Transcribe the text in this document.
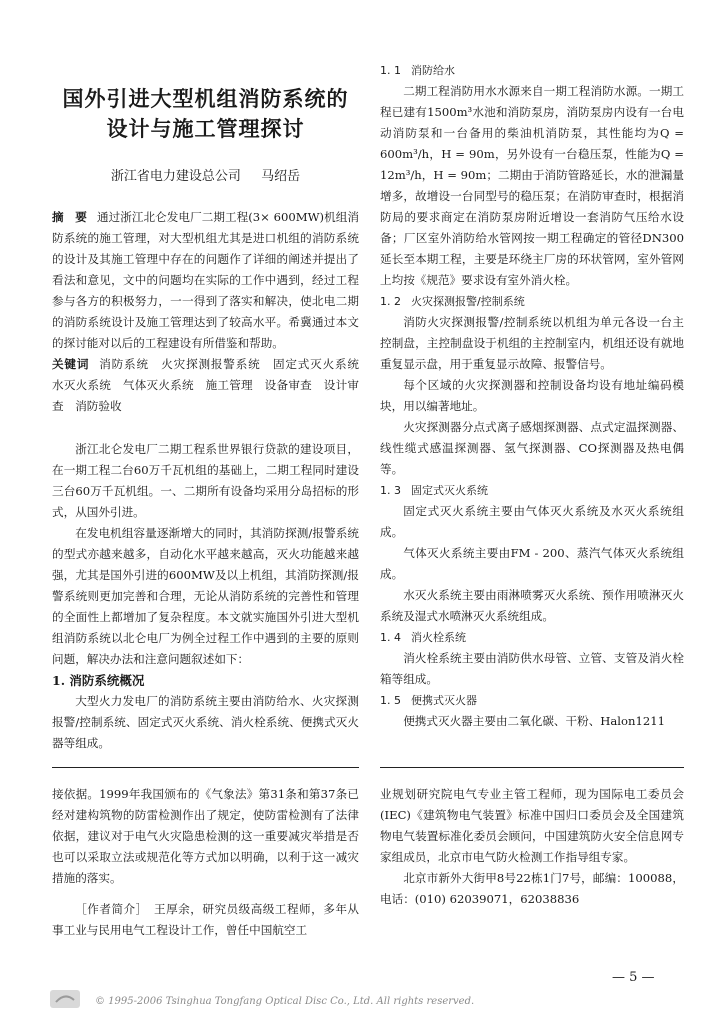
国外引进大型机组消防系统的
设计与施工管理探讨
浙江省电力建设总公司 马绍岳

摘　要 通过浙江北仑发电厂二期工程(3× 600MW)机组消防系统的施工管理，对大型机组尤其是进口机组的消防系统的设计及其施工管理中存在的问题作了详细的阐述并提出了看法和意见，文中的问题均在实际的工作中遇到，经过工程参与各方的积极努力，一一得到了落实和解决，使北电二期的消防系统设计及施工管理达到了较高水平。希冀通过本文的探讨能对以后的工程建设有所借鉴和帮助。

关键词 消防系统　火灾探测报警系统　固定式灭火系统　水灭火系统　气体灭火系统　施工管理　设备审查　设计审查　消防验收

浙江北仑发电厂二期工程系世界银行贷款的建设项目，在一期工程二台60万千瓦机组的基础上，二期工程同时建设三台60万千瓦机组。一、二期所有设备均采用分岛招标的形式，从国外引进。

在发电机组容量逐渐增大的同时，其消防探测/报警系统的型式亦越来越多，自动化水平越来越高，灭火功能越来越强，尤其是国外引进的600MW及以上机组，其消防探测/报警系统则更加完善和合理，无论从消防系统的完善性和管理的全面性上都增加了复杂程度。本文就实施国外引进大型机组消防系统以北仑电厂为例全过程工作中遇到的主要的原则问题，解决办法和注意问题叙述如下：

1. 消防系统概况

大型火力发电厂的消防系统主要由消防给水、火灾探测报警/控制系统、固定式灭火系统、消火栓系统、便携式灭火器等组成。

1. 1 消防给水

二期工程消防用水水源来自一期工程消防水源。一期工程已建有1500m³水池和消防泵房，消防泵房内设有一台电动消防泵和一台备用的柴油机消防泵，其性能均为Q = 600m³/h，H = 90m，另外设有一台稳压泵，性能为Q = 12m³/h，H = 90m；二期由于消防管路延长，水的泄漏量增多，故增设一台同型号的稳压泵；在消防审查时，根据消防局的要求商定在消防泵房附近增设一套消防气压给水设备；厂区室外消防给水管网按一期工程确定的管径DN300延长至本期工程，主要是环绕主厂房的环状管网，室外管网上均按《规范》要求设有室外消火栓。

1. 2 火灾探测报警/控制系统

消防火灾探测报警/控制系统以机组为单元各设一台主控制盘，主控制盘设于机组的主控制室内，机组还设有就地重复显示盘，用于重复显示故障、报警信号。

每个区域的火灾探测器和控制设备均设有地址编码模块，用以编著地址。

火灾探测器分点式离子感烟探测器、点式定温探测器、线性缆式感温探测器、氢气探测器、CO探测器及热电偶等。

1. 3 固定式灭火系统

固定式灭火系统主要由气体灭火系统及水灭火系统组成。

气体灭火系统主要由FM - 200、蒸汽气体灭火系统组成。

水灭火系统主要由雨淋喷雾灭火系统、预作用喷淋灭火系统及湿式水喷淋灭火系统组成。

1. 4 消火栓系统

消火栓系统主要由消防供水母管、立管、支管及消火栓箱等组成。

1. 5 便携式灭火器

便携式灭火器主要由二氧化碳、干粉、Halon1211

接依据。1999年我国颁布的《气象法》第31条和第37条已经对建构筑物的防雷检测作出了规定，使防雷检测有了法律依据，建议对于电气火灾隐患检测的这一重要减灾举措是否也可以采取立法或规范化等方式加以明确，以利于这一减灾措施的落实。

［作者简介］　王厚余，研究员级高级工程师，多年从事工业与民用电气工程设计工作，曾任中国航空工

业规划研究院电气专业主管工程师，现为国际电工委员会(IEC)《建筑物电气装置》标准中国归口委员会及全国建筑物电气装置标准化委员会顾问，中国建筑防火安全信息网专家组成员，北京市电气防火检测工作指导组专家。

北京市新外大街甲8号22栋1门7号，邮编：100088，电话：(010) 62039071，62038836

— 5 —
© 1995-2006 Tsinghua Tongfang Optical Disc Co., Ltd. All rights reserved.
